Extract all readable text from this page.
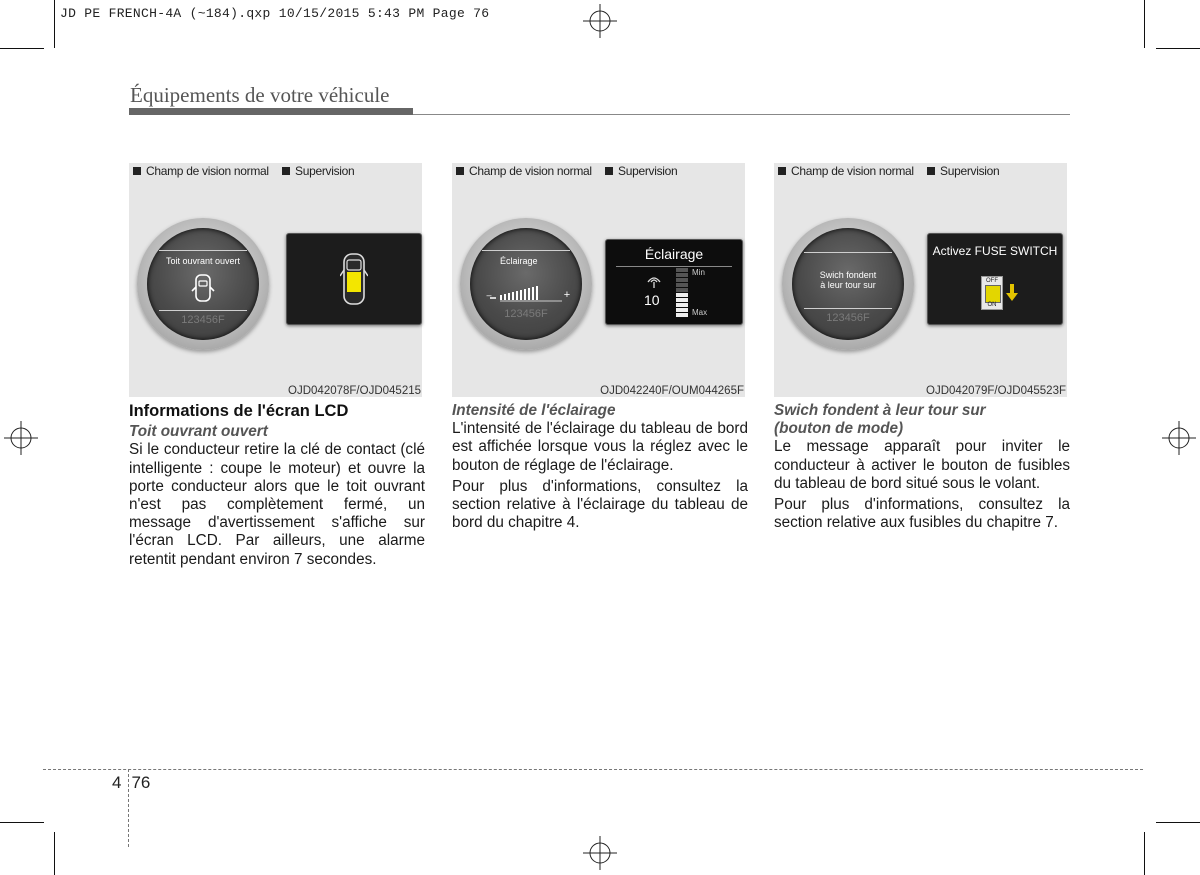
JD PE FRENCH-4A (~184).qxp 10/15/2015 5:43 PM Page 76
Équipements de votre véhicule
Champ de vision normal
Toit ouvrant ouvert
123456F
Supervision
OJD042078F/OJD045215
Champ de vision normal
Éclairage
–	+
123456F
Supervision
Éclairage
10
Min
Max
OJD042240F/OUM044265F
Champ de vision normal
Swich fondent
à leur tour sur
123456F
Supervision
Activez FUSE SWITCH
OFF
ON
OJD042079F/OJD045523F
Informations de l'écran LCD
Toit ouvrant ouvert

Si le conducteur retire la clé de contact (clé intelligente : coupe le moteur) et ouvre la porte conducteur alors que le toit ouvrant n'est pas complètement fermé, un message d'avertissement s'affiche sur l'écran LCD. Par ailleurs, une alarme retentit pendant environ 7 secondes.

Intensité de l'éclairage

L'intensité de l'éclairage du tableau de bord est affichée lorsque vous la réglez avec le bouton de réglage de l'éclairage.

Pour plus d'informations, consultez la section relative à l'éclairage du tableau de bord du chapitre 4.

Swich fondent à leur tour sur
(bouton de mode)

Le message apparaît pour inviter le conducteur à activer le bouton de fusibles du tableau de bord situé sous le volant.

Pour plus d'informations, consultez la section relative aux fusibles du chapitre 7.

4 76
